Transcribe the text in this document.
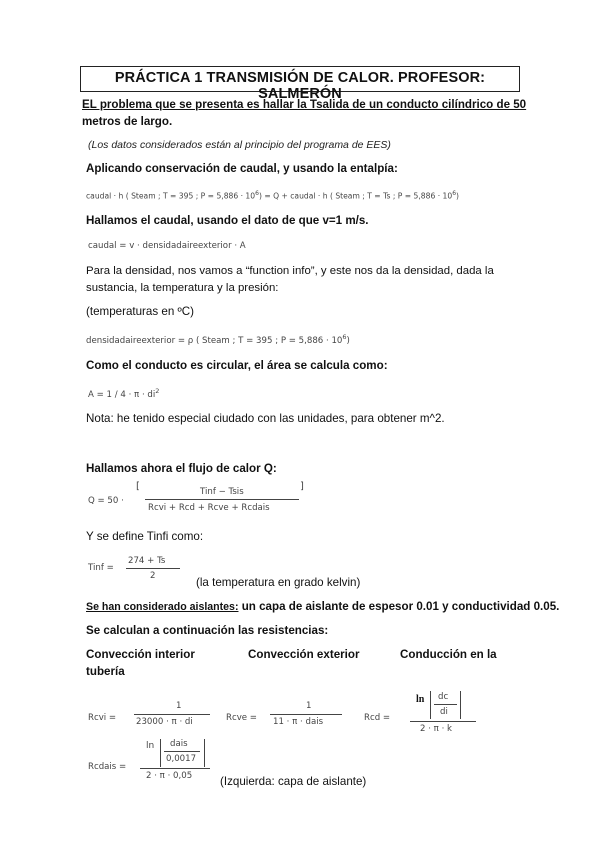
PRÁCTICA 1 TRANSMISIÓN DE CALOR. PROFESOR: SALMERÓN
EL problema que se presenta es hallar la Tsalida de un conducto cilíndrico de 50
metros de largo.
(Los datos considerados están al principio del programa de EES)
Aplicando conservación de caudal, y usando la entalpía:
caudal · h ( Steam ; T = 395 ; $P = 5,886 \cdot 10^6) = Q$ + caudal · h ( Steam ; T = Ts ; $P = 5,886 \cdot 10^6$)
Hallamos el caudal, usando el dato de que v=1 m/s.
caudal = v · densidadaireexterior · A
Para la densidad, nos vamos a “function info”, y este nos da la densidad, dada la
sustancia, la temperatura y la presión:
(temperaturas en ºC)
densidadaireexterior = ρ ( Steam ; T = 395 ; $P = 5,886 \cdot 10^6$)
Como el conducto es circular, el área se calcula como:
$A = 1 / 4 \cdot \pi \cdot di^2$
Nota: he tenido especial ciudado con las unidades, para obtener m^2.
Hallamos ahora el flujo de calor Q:
Q = 50 ·
[	]
Tinf − Tsis
Rcvi + Rcd + Rcve + Rcdais
Y se define Tinfi como:
Tinf =
274 + Ts
2	(la temperatura en grado kelvin)
Se han considerado aislantes: un capa de aislante de espesor 0.01 y conductividad 0.05.
Se calculan a continuación las resistencias:
Convección interior	Convección exterior	Conducción en la
tubería
Rcvi =
1
23000 · π · di	Rcve =
1
11 · π · dais	Rcd =
ln dc
di
2 · π · k
Rcdais =
ln dais
0,0017
2 · π · 0,05 (Izquierda: capa de aislante)
